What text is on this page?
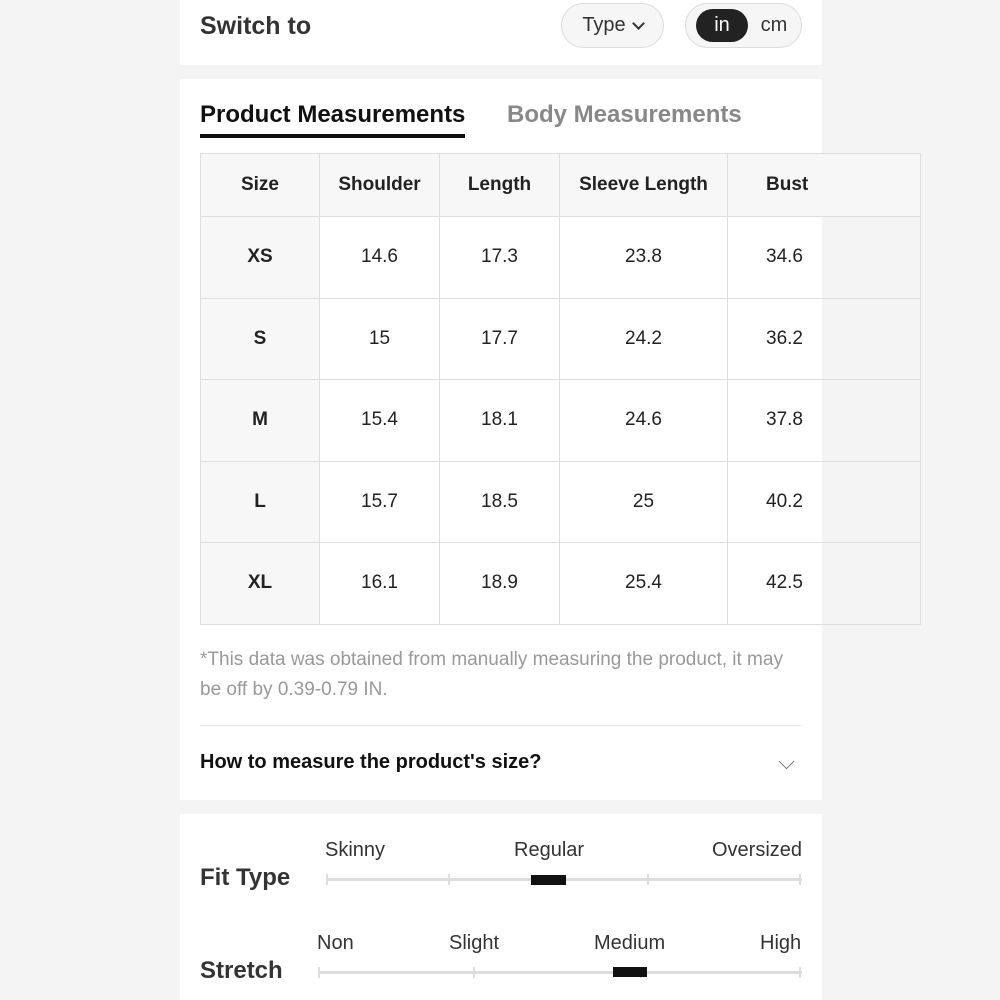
Switch to	Type	in	cm
Product Measurements Body Measurements
Size	Shoulder	Length	Sleeve Length	Bust
XS	14.6	17.3	23.8	34.6
S	15	17.7	24.2	36.2
M	15.4	18.1	24.6	37.8
L	15.7	18.5	25	40.2
XL	16.1	18.9	25.4	42.5
*This data was obtained from manually measuring the product, it may be off by 0.39-0.79 IN.
How to measure the product's size?
Fit Type
Skinny	Regular	Oversized
Stretch
Non	Slight	Medium	High
